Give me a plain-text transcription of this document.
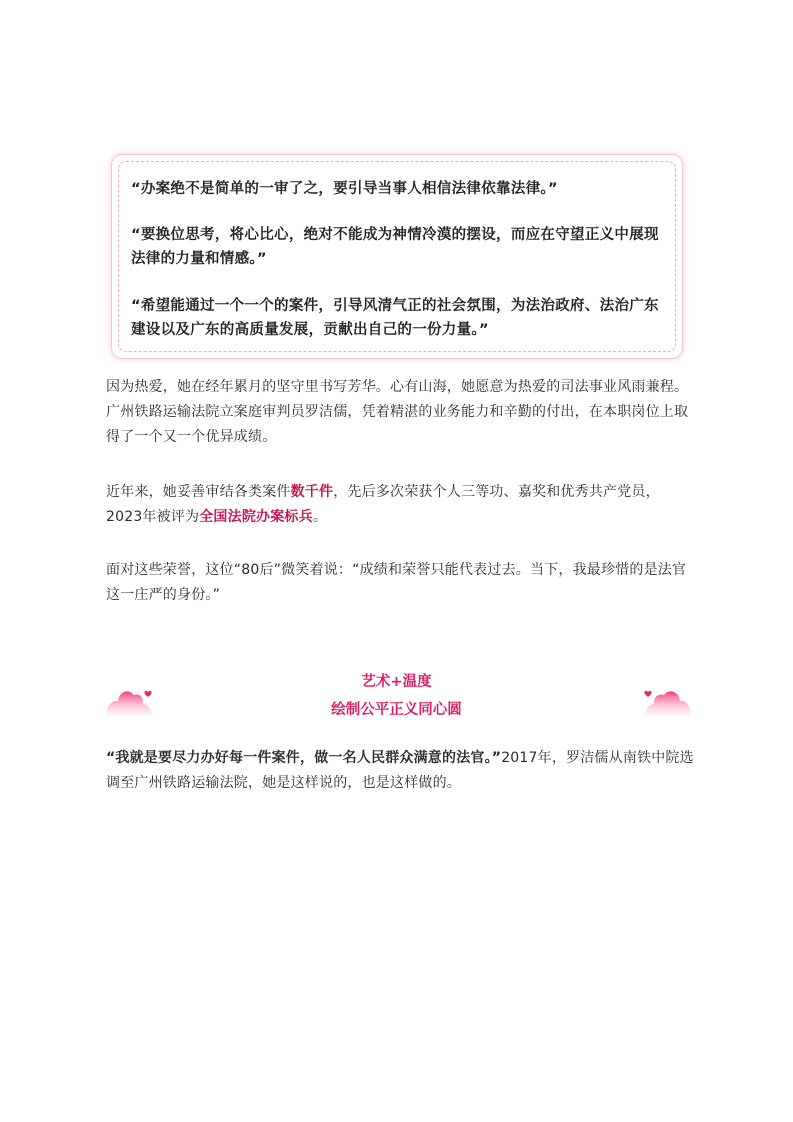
“办案绝不是简单的一审了之，要引导当事人相信法律依靠法律。”
“要换位思考，将心比心，绝对不能成为神情冷漠的摆设，而应在守望正义中展现法律的力量和情感。”
“希望能通过一个一个的案件，引导风清气正的社会氛围，为法治政府、法治广东建设以及广东的高质量发展，贡献出自己的一份力量。”
因为热爱，她在经年累月的坚守里书写芳华。心有山海，她愿意为热爱的司法事业风雨兼程。广州铁路运输法院立案庭审判员罗洁儒，凭着精湛的业务能力和辛勤的付出，在本职岗位上取得了一个又一个优异成绩。
近年来，她妥善审结各类案件数千件，先后多次荣获个人三等功、嘉奖和优秀共产党员，2023年被评为全国法院办案标兵。
面对这些荣誉，这位“80后”微笑着说：“成绩和荣誉只能代表过去。当下，我最珍惜的是法官这一庄严的身份。”
艺术+温度
绘制公平正义同心圆
“我就是要尽力办好每一件案件，做一名人民群众满意的法官。”2017年，罗洁儒从南铁中院选调至广州铁路运输法院，她是这样说的，也是这样做的。
